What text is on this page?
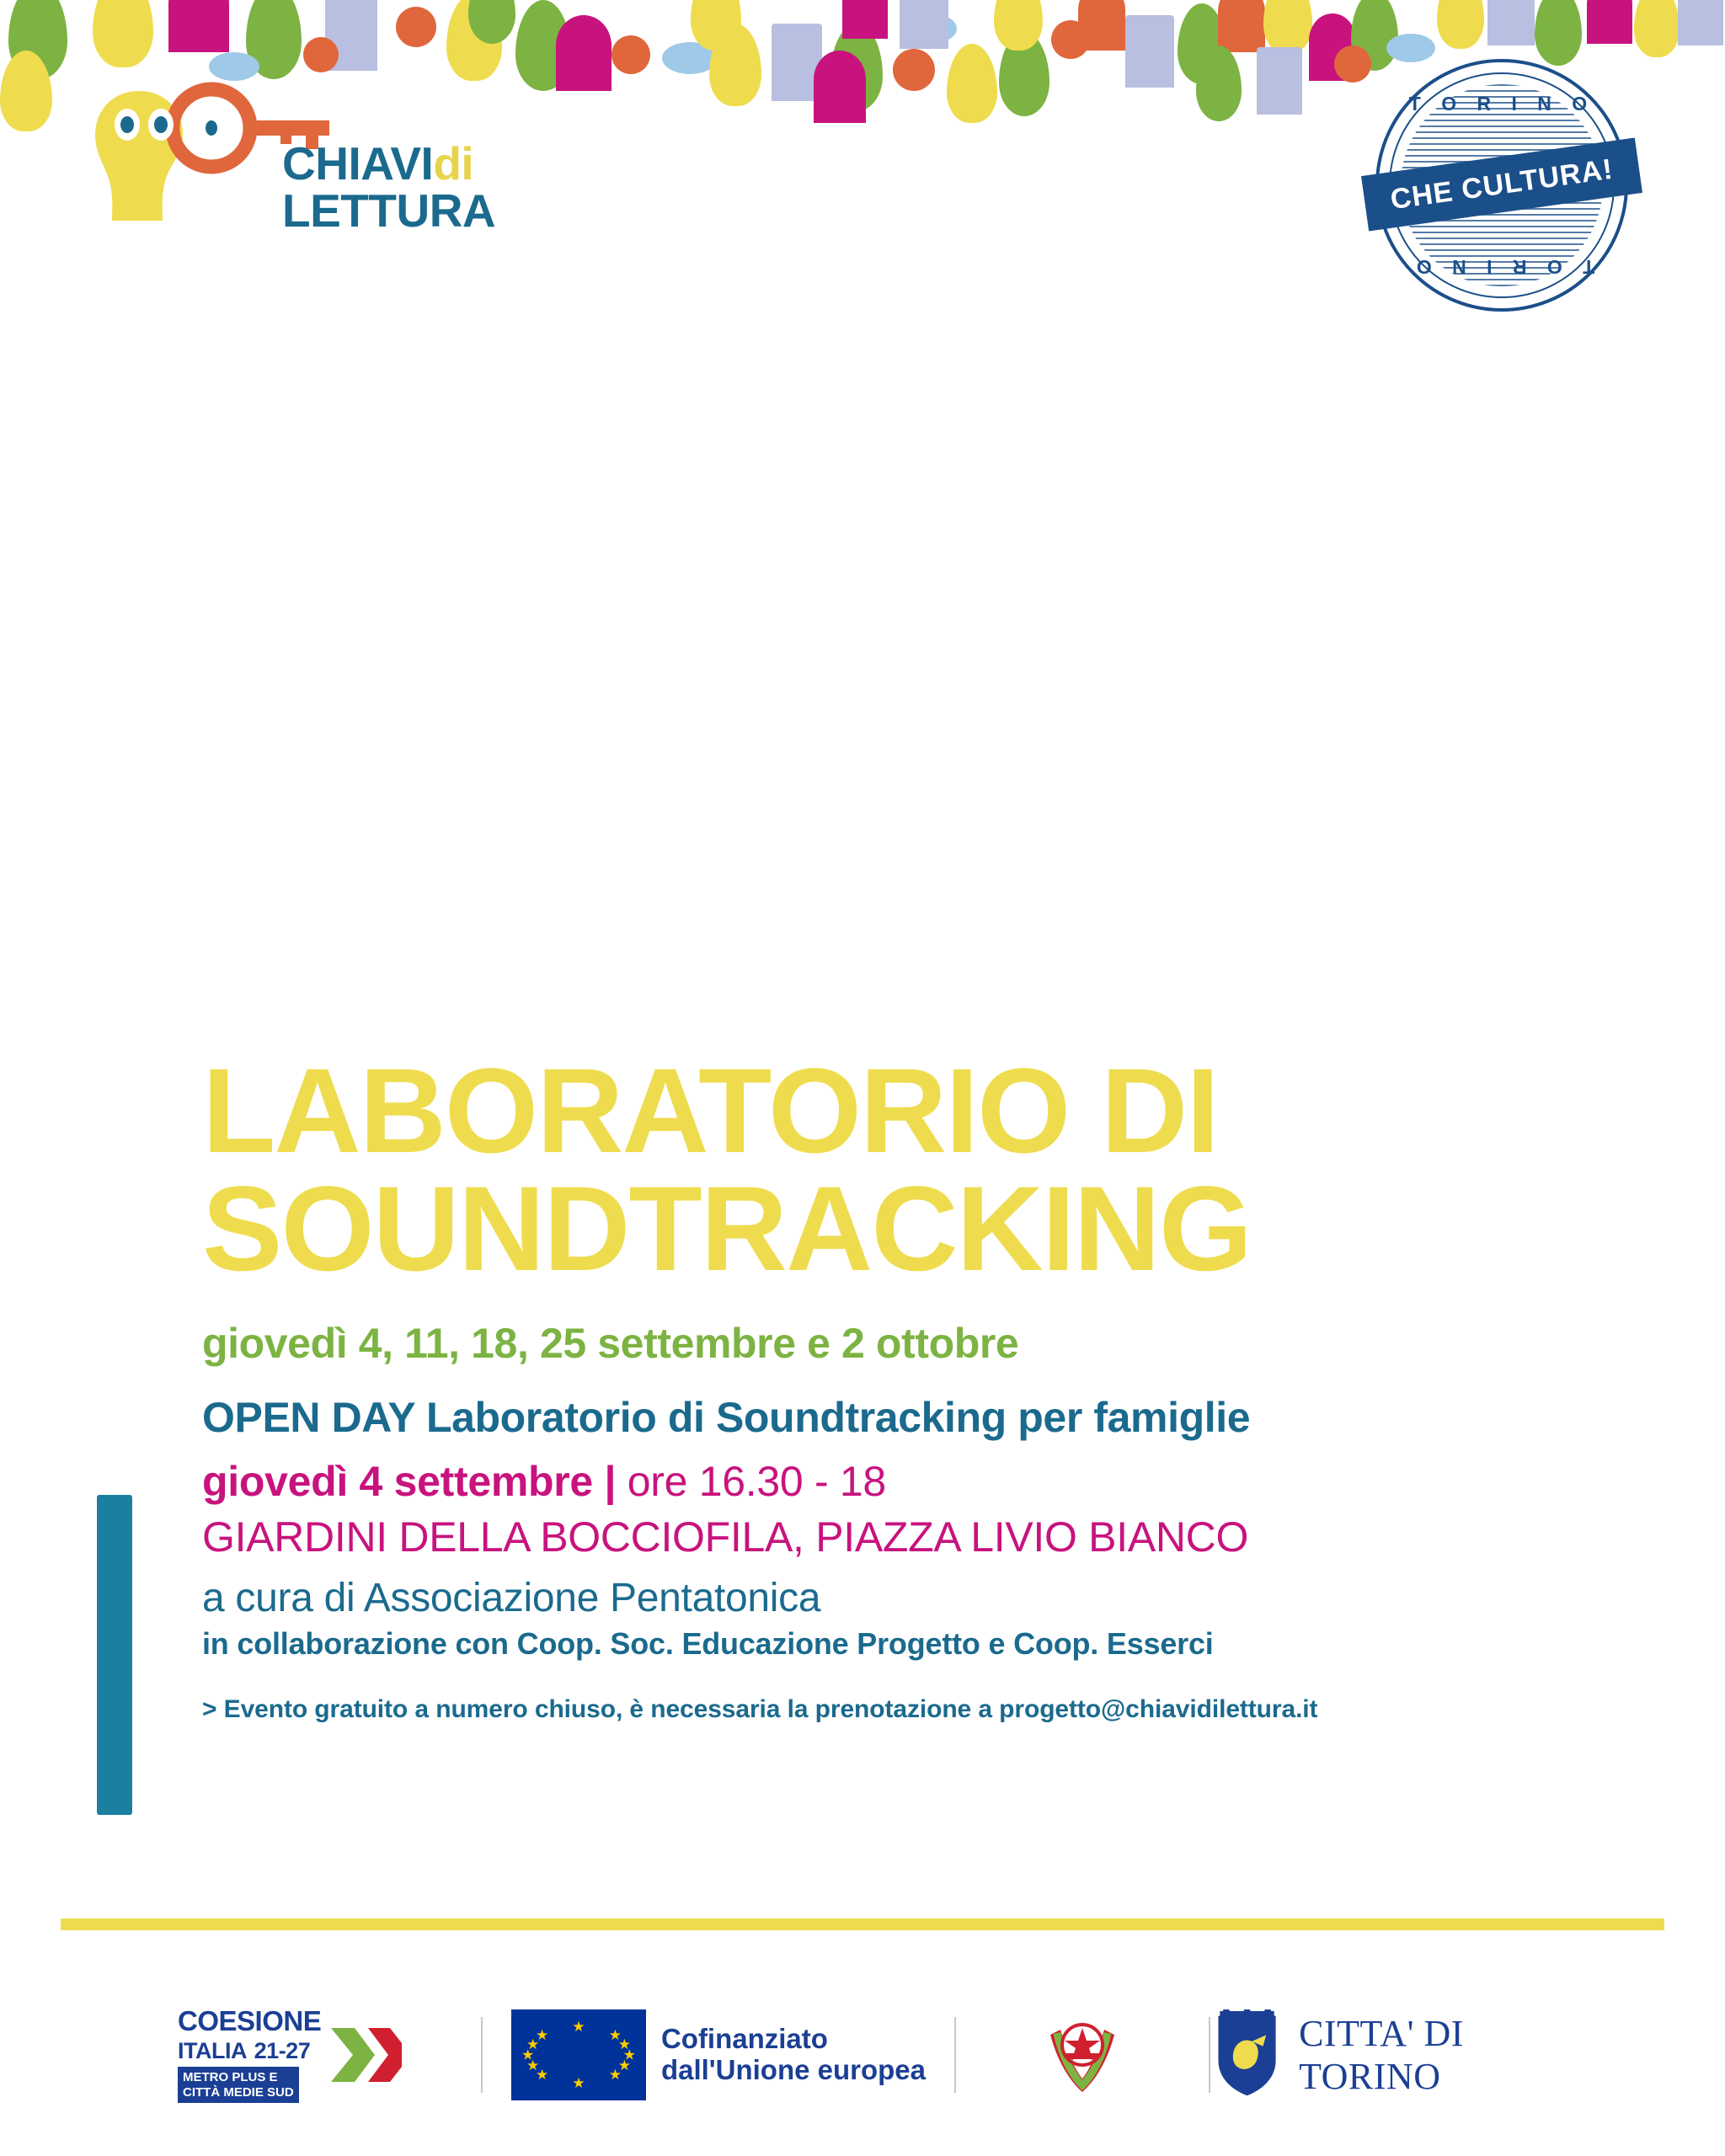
CHIAVIdi
LETTURA
T O R I N O
T O R I N O
CHE CULTURA!
LABORATORIO DI
SOUNDTRACKING
giovedì 4, 11, 18, 25 settembre e 2 ottobre
OPEN DAY Laboratorio di Soundtracking per famiglie
giovedì 4 settembre | ore 16.30 - 18
GIARDINI DELLA BOCCIOFILA, PIAZZA LIVIO BIANCO
a cura di Associazione Pentatonica
in collaborazione con Coop. Soc. Educazione Progetto e Coop. Esserci
> Evento gratuito a numero chiuso, è necessaria la prenotazione a progetto@chiavidilettura.it
COESIONE
ITALIA 21-27
METRO PLUS E
CITTÀ MEDIE SUD
★
★
★	★
★	★
★	★
★	★
★	★
Cofinanziato
dall'Unione europea
CITTA' DI TORINO
